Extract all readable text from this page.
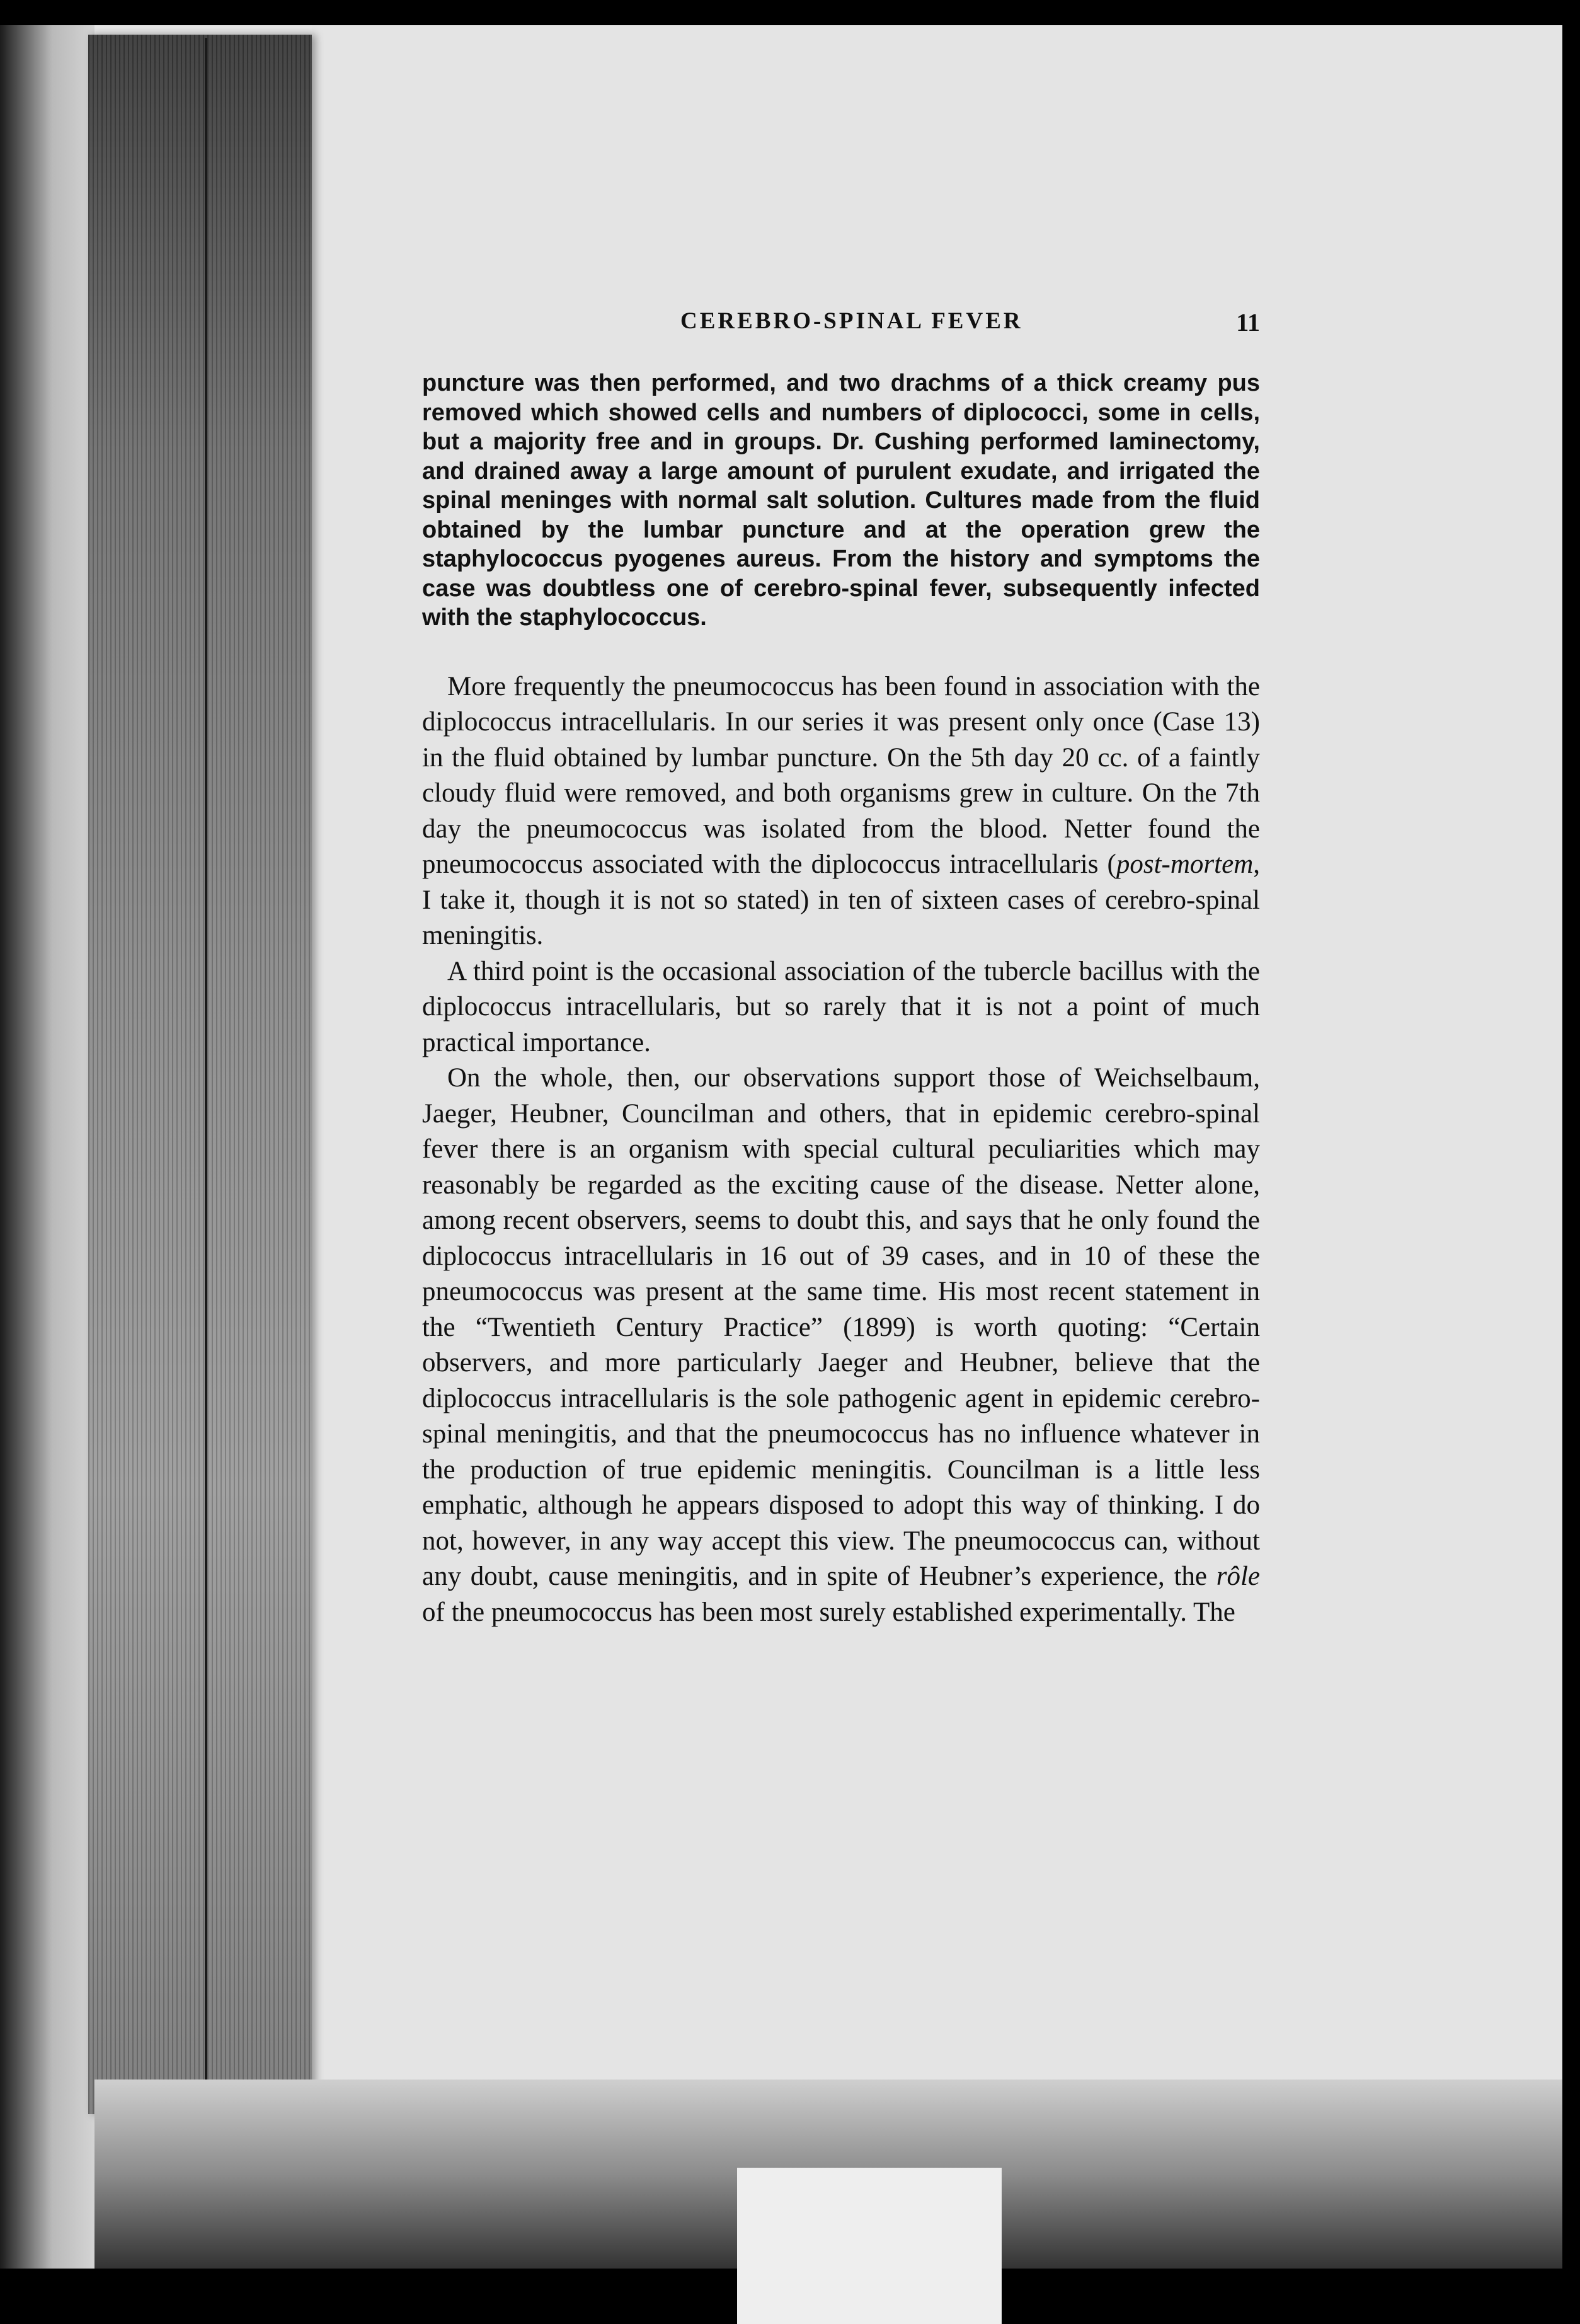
CEREBRO-SPINAL FEVER	11

puncture was then performed, and two drachms of a thick creamy pus removed which showed cells and numbers of diplococci, some in cells, but a majority free and in groups. Dr. Cushing performed laminectomy, and drained away a large amount of purulent exudate, and irrigated the spinal meninges with normal salt solution. Cultures made from the fluid obtained by the lumbar puncture and at the operation grew the staphylococcus pyogenes aureus. From the history and symptoms the case was doubtless one of cerebro-spinal fever, subsequently infected with the staphylococcus.

More frequently the pneumococcus has been found in association with the diplococcus intracellularis. In our series it was present only once (Case 13) in the fluid obtained by lumbar puncture. On the 5th day 20 cc. of a faintly cloudy fluid were removed, and both organisms grew in culture. On the 7th day the pneumococcus was isolated from the blood. Netter found the pneumococcus associated with the diplococcus intracellularis (post-mortem, I take it, though it is not so stated) in ten of sixteen cases of cerebro-spinal meningitis.

A third point is the occasional association of the tubercle bacillus with the diplococcus intracellularis, but so rarely that it is not a point of much practical importance.

On the whole, then, our observations support those of Weichselbaum, Jaeger, Heubner, Councilman and others, that in epidemic cerebro-spinal fever there is an organism with special cultural peculiarities which may reasonably be regarded as the exciting cause of the disease. Netter alone, among recent observers, seems to doubt this, and says that he only found the diplococcus intracellularis in 16 out of 39 cases, and in 10 of these the pneumococcus was present at the same time. His most recent statement in the “Twentieth Century Practice” (1899) is worth quoting: “Certain observers, and more particularly Jaeger and Heubner, believe that the diplococcus intracellularis is the sole pathogenic agent in epidemic cerebro-spinal meningitis, and that the pneumococcus has no influence whatever in the production of true epidemic meningitis. Councilman is a little less emphatic, although he appears disposed to adopt this way of thinking. I do not, however, in any way accept this view. The pneumococcus can, without any doubt, cause meningitis, and in spite of Heubner’s experience, the rôle of the pneumococcus has been most surely established experimentally. The
